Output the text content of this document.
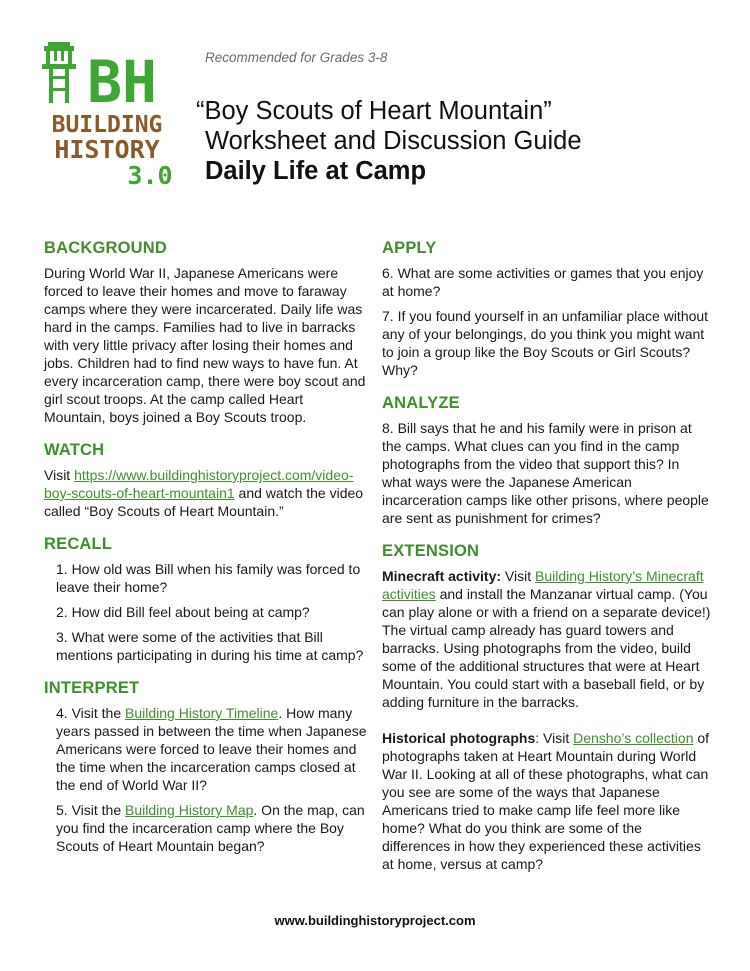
BH
BUILDING
HISTORY
3.0
Recommended for Grades 3-8
“Boy Scouts of Heart Mountain”
Worksheet and Discussion Guide
Daily Life at Camp
BACKGROUND

During World War II, Japanese Americans were forced to leave their homes and move to faraway camps where they were incarcerated. Daily life was hard in the camps. Families had to live in barracks with very little privacy after losing their homes and jobs. Children had to find new ways to have fun. At every incarceration camp, there were boy scout and girl scout troops. At the camp called Heart Mountain, boys joined a Boy Scouts troop.

WATCH

Visit https://www.buildinghistoryproject.com/video-boy-scouts-of-heart-mountain1 and watch the video called “Boy Scouts of Heart Mountain.”

RECALL

1. How old was Bill when his family was forced to leave their home?

2. How did Bill feel about being at camp?

3. What were some of the activities that Bill mentions participating in during his time at camp?

INTERPRET

4. Visit the Building History Timeline. How many years passed in between the time when Japanese Americans were forced to leave their homes and the time when the incarceration camps closed at the end of World War II?

5. Visit the Building History Map. On the map, can you find the incarceration camp where the Boy Scouts of Heart Mountain began?

APPLY

6. What are some activities or games that you enjoy at home?

7. If you found yourself in an unfamiliar place without any of your belongings, do you think you might want to join a group like the Boy Scouts or Girl Scouts? Why?

ANALYZE

8. Bill says that he and his family were in prison at the camps. What clues can you find in the camp photographs from the video that support this? In what ways were the Japanese American incarceration camps like other prisons, where people are sent as punishment for crimes?

EXTENSION

Minecraft activity: Visit Building History’s Minecraft activities and install the Manzanar virtual camp. (You can play alone or with a friend on a separate device!) The virtual camp already has guard towers and barracks. Using photographs from the video, build some of the additional structures that were at Heart Mountain. You could start with a baseball field, or by adding furniture in the barracks.

Historical photographs: Visit Densho’s collection of photographs taken at Heart Mountain during World War II. Looking at all of these photographs, what can you see are some of the ways that Japanese Americans tried to make camp life feel more like home? What do you think are some of the differences in how they experienced these activities at home, versus at camp?

www.buildinghistoryproject.com
